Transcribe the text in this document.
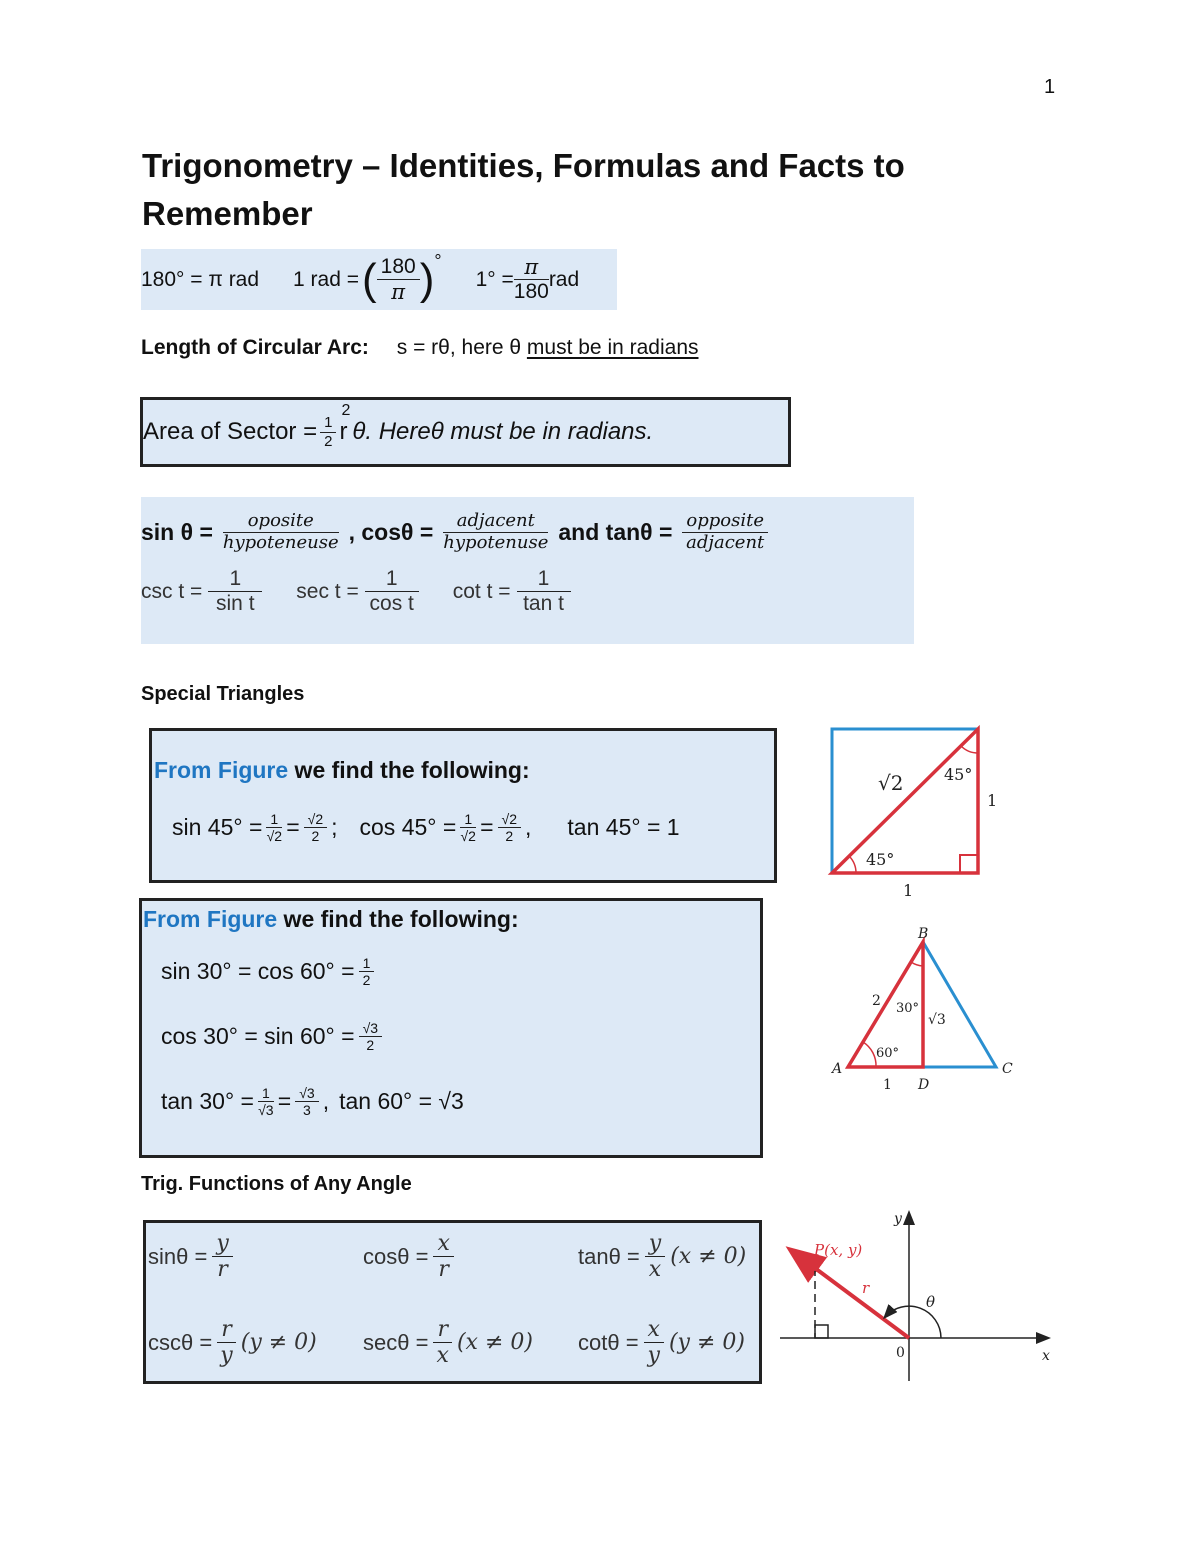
1
Trigonometry – Identities, Formulas and Facts to Remember
180° = π rad 1 rad = ( $\frac{180}{\pi}$ ) °
$1^\circ = \frac{\pi}{180}$ rad
Length of Circular Arc: s = rθ, here θ must be in radians
Area of Sector = $\frac{1}{2}$ r
2
θ. Hereθ must be in radians.
$\sin \theta = \frac{\text{oposite}}{\text{hypoteneuse}}$ , $\cos\theta = \frac{\text{adjacent}}{\text{hypotenuse}}$ and $\tan\theta = \frac{\text{opposite}}{\text{adjacent}}$
$\csc t = \frac{1}{\text{sin t}}$ $\sec t = \frac{1}{\text{cos t}}$ $\cot t = \frac{1}{\text{tan t}}$
Special Triangles
From Figure we find the following:
$\sin 45^\circ = \frac{1}{√2} = \frac{√2}{2}$ ; $\cos 45^\circ = \frac{1}{√2} = \frac{√2}{2}$ , tan 45° = 1
√2	45°
45°
1
1
From Figure we find the following:
$\sin 30^\circ = \cos 60^\circ = \frac{1}{2}$
$\cos 30^\circ = \sin 60^\circ = \frac{√3}{2}$
$\tan 30^\circ = \frac{1}{√3} = \frac{√3}{3}$ , tan 60° = √3
B
A	C
D
2
1
30°
60°
√3
Trig. Functions of Any Angle
$\sin\theta = \frac{y}{r}$	$\cos\theta = \frac{x}{r}$	$\tan\theta = \frac{y}{x} (x \ne 0)$
$\csc\theta = \frac{r}{y} (y \ne 0) \sec\theta = \frac{r}{x} (x \ne 0) \cot\theta = \frac{x}{y} (y \ne 0)$
P(x, y)
r
θ
0	x
y
